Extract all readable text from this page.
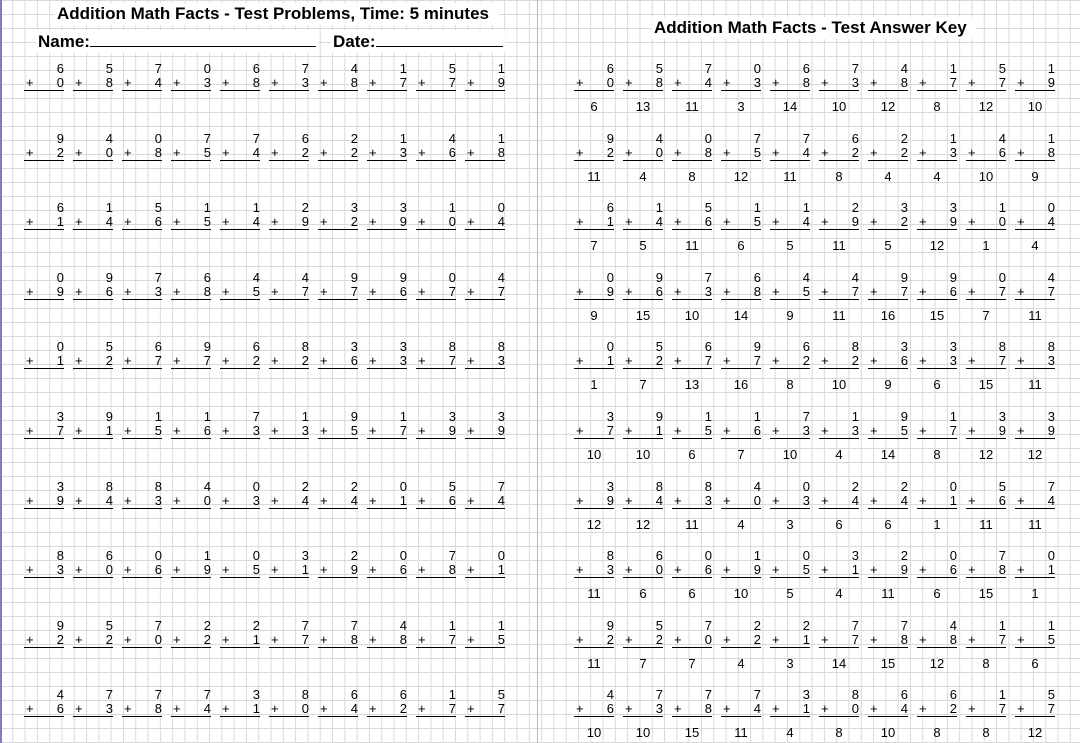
Addition Math Facts - Test Problems, Time: 5 minutes
Name:	Date:
Addition Math Facts - Test Answer Key
6
+ 0
5
+ 8
7
+ 4
0
+ 3
6
+ 8
7
+ 3
4
+ 8
1
+ 7
5
+ 7
1
+ 9
9
+ 2
4
+ 0
0
+ 8
7
+ 5
7
+ 4
6
+ 2
2
+ 2
1
+ 3
4
+ 6
1
+ 8
6
+ 1
1
+ 4
5
+ 6
1
+ 5
1
+ 4
2
+ 9
3
+ 2
3
+ 9
1
+ 0
0
+ 4
0
+ 9
9
+ 6
7
+ 3
6
+ 8
4
+ 5
4
+ 7
9
+ 7
9
+ 6
0
+ 7
4
+ 7
0
+ 1
5
+ 2
6
+ 7
9
+ 7
6
+ 2
8
+ 2
3
+ 6
3
+ 3
8
+ 7
8
+ 3
3
+ 7
9
+ 1
1
+ 5
1
+ 6
7
+ 3
1
+ 3
9
+ 5
1
+ 7
3
+ 9
3
+ 9
3
+ 9
8
+ 4
8
+ 3
4
+ 0
0
+ 3
2
+ 4
2
+ 4
0
+ 1
5
+ 6
7
+ 4
8
+ 3
6
+ 0
0
+ 6
1
+ 9
0
+ 5
3
+ 1
2
+ 9
0
+ 6
7
+ 8
0
+ 1
9
+ 2
5
+ 2
7
+ 0
2
+ 2
2
+ 1
7
+ 7
7
+ 8
4
+ 8
1
+ 7
1
+ 5
4
+ 6
7
+ 3
7
+ 8
7
+ 4
3
+ 1
8
+ 0
6
+ 4
6
+ 2
1
+ 7
5
+ 7
6
+ 0
6
5
+ 8
13
7
+ 4
11
0
+ 3
3
6
+ 8
14
7
+ 3
10
4
+ 8
12
1
+ 7
8
5
+ 7
12
1
+ 9
10
9
+ 2
11
4
+ 0
4
0
+ 8
8
7
+ 5
12
7
+ 4
11
6
+ 2
8
2
+ 2
4
1
+ 3
4
4
+ 6
10
1
+ 8
9
6
+ 1
7
1
+ 4
5
5
+ 6
11
1
+ 5
6
1
+ 4
5
2
+ 9
11
3
+ 2
5
3
+ 9
12
1
+ 0
1
0
+ 4
4
0
+ 9
9
9
+ 6
15
7
+ 3
10
6
+ 8
14
4
+ 5
9
4
+ 7
11
9
+ 7
16
9
+ 6
15
0
+ 7
7
4
+ 7
11
0
+ 1
1
5
+ 2
7
6
+ 7
13
9
+ 7
16
6
+ 2
8
8
+ 2
10
3
+ 6
9
3
+ 3
6
8
+ 7
15
8
+ 3
11
3
+ 7
10
9
+ 1
10
1
+ 5
6
1
+ 6
7
7
+ 3
10
1
+ 3
4
9
+ 5
14
1
+ 7
8
3
+ 9
12
3
+ 9
12
3
+ 9
12
8
+ 4
12
8
+ 3
11
4
+ 0
4
0
+ 3
3
2
+ 4
6
2
+ 4
6
0
+ 1
1
5
+ 6
11
7
+ 4
11
8
+ 3
11
6
+ 0
6
0
+ 6
6
1
+ 9
10
0
+ 5
5
3
+ 1
4
2
+ 9
11
0
+ 6
6
7
+ 8
15
0
+ 1
1
9
+ 2
11
5
+ 2
7
7
+ 0
7
2
+ 2
4
2
+ 1
3
7
+ 7
14
7
+ 8
15
4
+ 8
12
1
+ 7
8
1
+ 5
6
4
+ 6
10
7
+ 3
10
7
+ 8
15
7
+ 4
11
3
+ 1
4
8
+ 0
8
6
+ 4
10
6
+ 2
8
1
+ 7
8
5
+ 7
12
